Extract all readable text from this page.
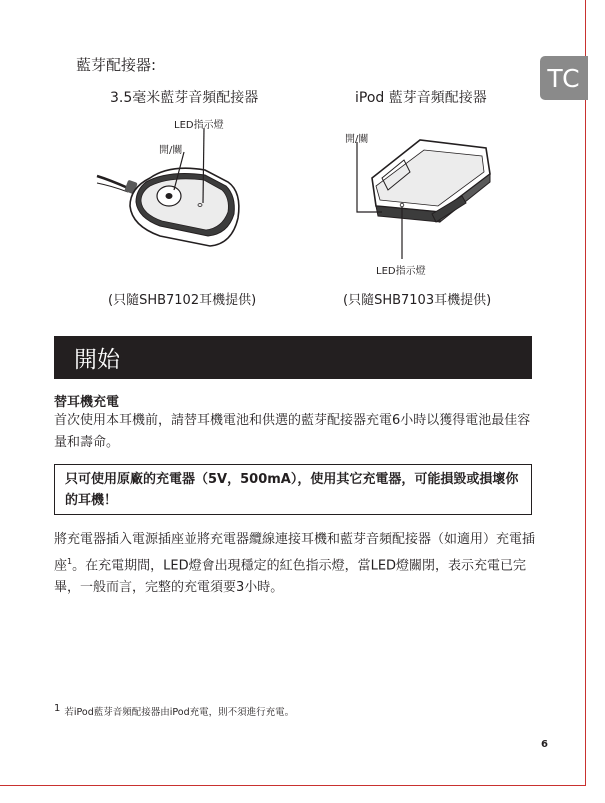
TC
藍芽配接器:
3.5毫米藍芽音頻配接器	iPod 藍芽音頻配接器
LED指示燈
開/關
開/關
LED指示燈
(只隨SHB7102耳機提供)	(只隨SHB7103耳機提供)
開始
替耳機充電
首次使用本耳機前，請替耳機電池和供選的藍芽配接器充電6小時以獲得電池最佳容量和壽命。
只可使用原廠的充電器（5V，500mA），使用其它充電器，可能損毀或損壞你的耳機！
將充電器插入電源插座並將充電器纜線連接耳機和藍芽音頻配接器（如適用）充電插座$^1$。在充電期間，LED燈會出現穩定的紅色指示燈，當LED燈關閉，表示充電已完畢，一般而言，完整的充電須要3小時。
1 若iPod藍芽音頻配接器由iPod充電，則不須進行充電。
6
